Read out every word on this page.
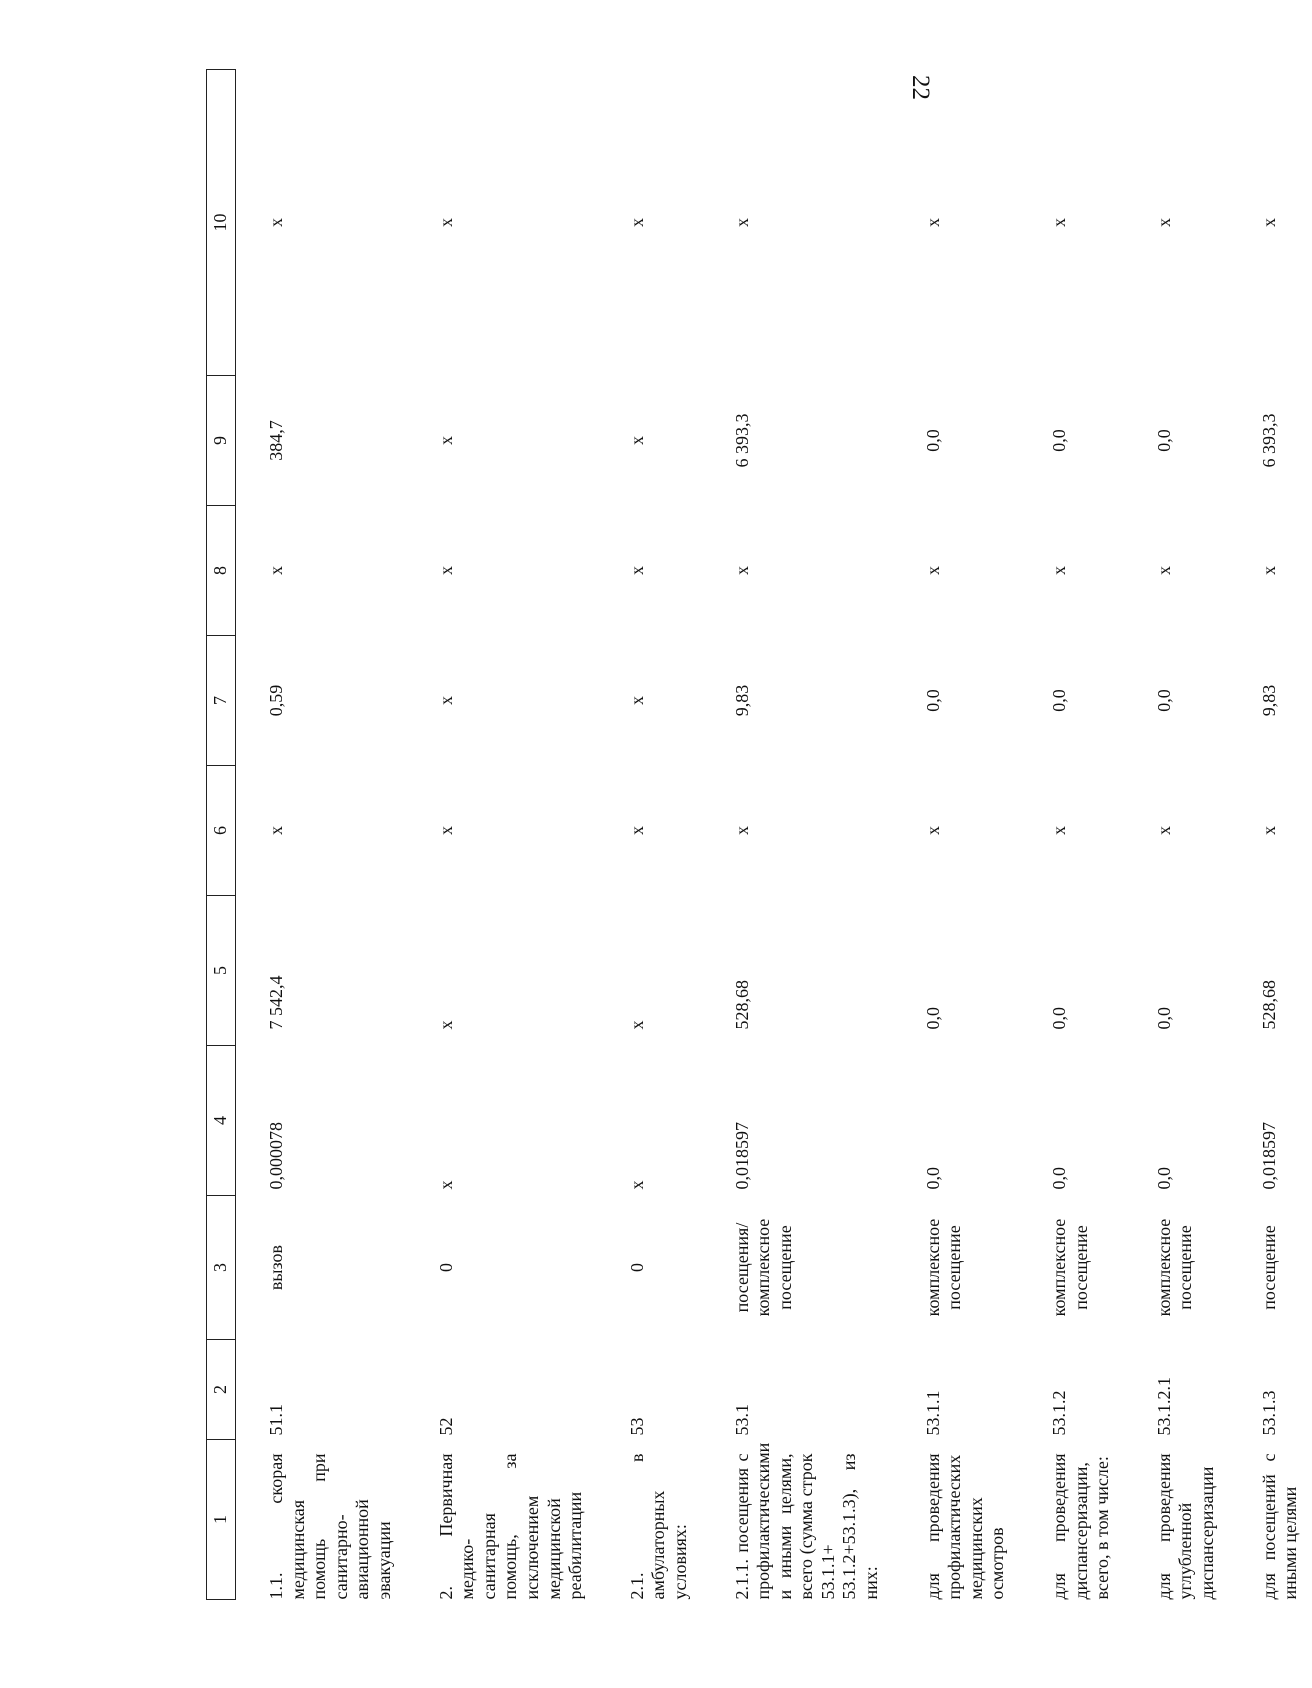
22
1	2	3	4	5	6	7	8	9	10
1.1. скорая медицинская помощь при санитарно-авиационной эвакуации	51.1	вызов	0,000078	7 542,4	x	0,59	x	384,7	x
2. Первичная медико-санитарная помощь, за исключением медицинской реабилитации	52	0	x	x	x	x	x	x	x
2.1. в амбулаторных условиях:	53	0	x	x	x	x	x	x	x
2.1.1. посещения с профилактическими и иными целями, всего (сумма строк 53.1.1+ 53.1.2+53.1.3), из них:	53.1	посещения/ комплексное посещение	0,018597	528,68	x	9,83	x	6 393,3	x
для проведения профилактических медицинских осмотров	53.1.1	комплексное посещение	0,0	0,0	x	0,0	x	0,0	x
для проведения диспансеризации, всего, в том числе:	53.1.2	комплексное посещение	0,0	0,0	x	0,0	x	0,0	x
для проведения углубленной диспансеризации	53.1.2.1	комплексное посещение	0,0	0,0	x	0,0	x	0,0	x
для посещений с иными целями	53.1.3	посещение	0,018597	528,68	x	9,83	x	6 393,3	x
